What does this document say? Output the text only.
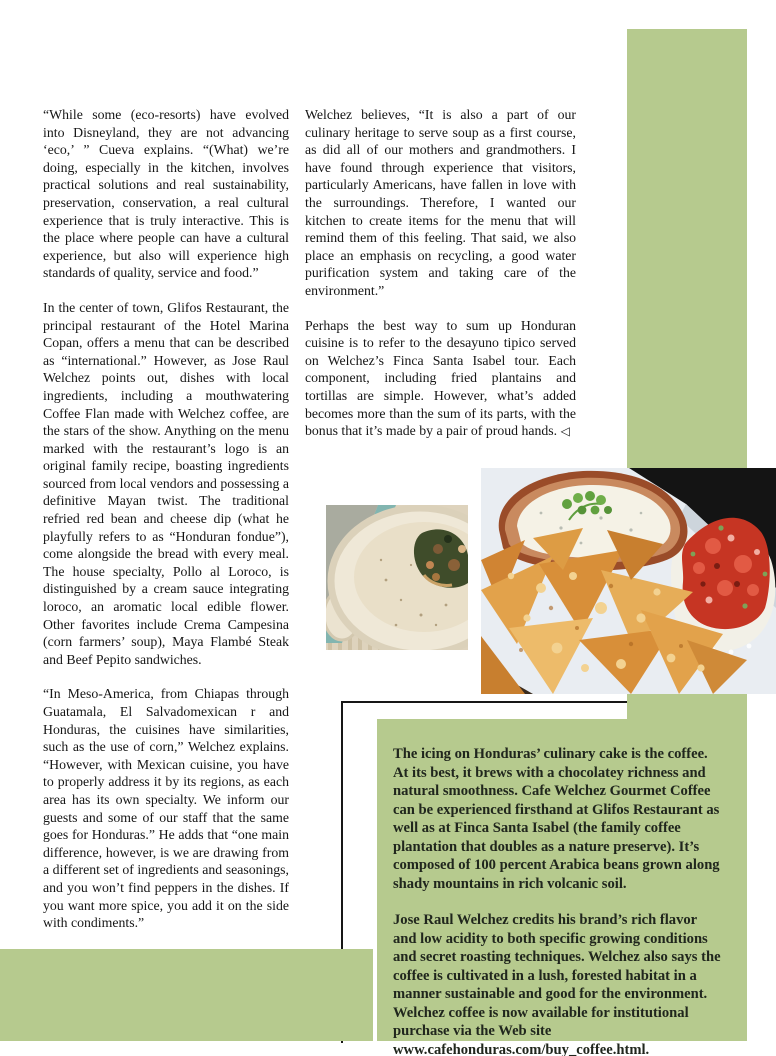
“While some (eco-resorts) have evolved into Disneyland, they are not advancing ‘eco,’ ” Cueva explains. “(What) we’re doing, especially in the kitchen, involves practical solutions and real sustainability, preservation, conservation, a real cultural experience that is truly interactive. This is the place where people can have a cultural experience, but also will experience high standards of quality, service and food.”

In the center of town, Glifos Restaurant, the principal restaurant of the Hotel Marina Copan, offers a menu that can be described as “international.” However, as Jose Raul Welchez points out, dishes with local ingredients, including a mouthwatering Coffee Flan made with Welchez coffee, are the stars of the show. Anything on the menu marked with the restaurant’s logo is an original family recipe, boasting ingredients sourced from local vendors and possessing a definitive Mayan twist. The traditional refried red bean and cheese dip (what he playfully refers to as “Honduran fondue”), come alongside the bread with every meal. The house specialty, Pollo al Loroco, is distinguished by a cream sauce integrating loroco, an aromatic local edible flower. Other favorites include Crema Campesina (corn farmers’ soup), Maya Flambé Steak and Beef Pepito sandwiches.

“In Meso-America, from Chiapas through Guatamala, El Salvadomexican r and Honduras, the cuisines have similarities, such as the use of corn,” Welchez explains. “However, with Mexican cuisine, you have to properly address it by its regions, as each area has its own specialty. We inform our guests and some of our staff that the same goes for Honduras.” He adds that “one main difference, however, is we are drawing from a different set of ingredients and seasonings, and you won’t find peppers in the dishes. If you want more spice, you add it on the side with condiments.”

Welchez believes, “It is also a part of our culinary heritage to serve soup as a first course, as did all of our mothers and grandmothers. I have found through experience that visitors, particularly Americans, have fallen in love with the surroundings. Therefore, I wanted our kitchen to create items for the menu that will remind them of this feeling. That said, we also place an emphasis on recycling, a good water purification system and taking care of the environment.”

Perhaps the best way to sum up Honduran cuisine is to refer to the desayuno tipico served on Welchez’s Finca Santa Isabel tour. Each component, including fried plantains and tortillas are simple. However, what’s added becomes more than the sum of its parts, with the bonus that it’s made by a pair of proud hands. ◁

The icing on Honduras’ culinary cake is the coffee. At its best, it brews with a chocolatey richness and natural smoothness. Cafe Welchez Gourmet Coffee can be experienced firsthand at Glifos Restaurant as well as at Finca Santa Isabel (the family coffee plantation that doubles as a nature preserve). It’s composed of 100 percent Arabica beans grown along shady mountains in rich volcanic soil.

Jose Raul Welchez credits his brand’s rich flavor and low acidity to both specific growing conditions and secret roasting techniques. Welchez also says the coffee is cultivated in a lush, forested habitat in a manner sustainable and good for the environment. Welchez coffee is now available for institutional purchase via the Web site www.cafehonduras.com/buy_coffee.html.
